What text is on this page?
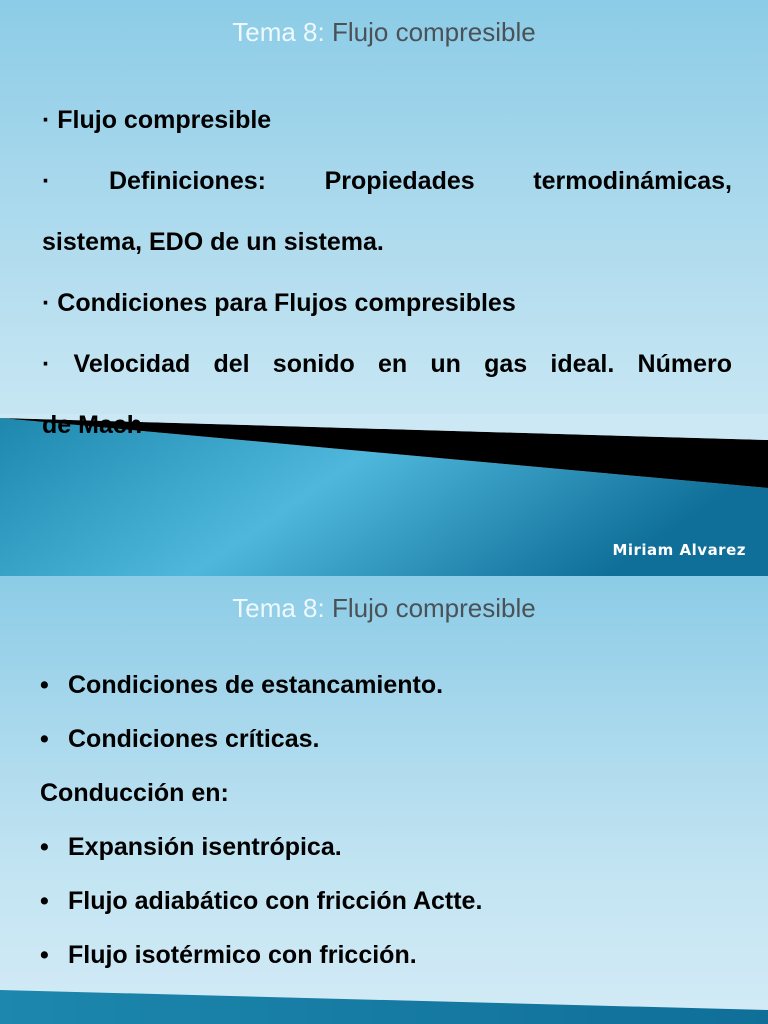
Tema 8: Flujo compresible
· Flujo compresible
· Definiciones: Propiedades termodinámicas,
sistema, EDO de un sistema.
· Condiciones para Flujos compresibles
· Velocidad del sonido en un gas ideal. Número
de Mach
Miriam Alvarez
Tema 8: Flujo compresible
• Condiciones de estancamiento.
• Condiciones críticas.
Conducción en:
• Expansión isentrópica.
• Flujo adiabático con fricción Actte.
• Flujo isotérmico con fricción.
